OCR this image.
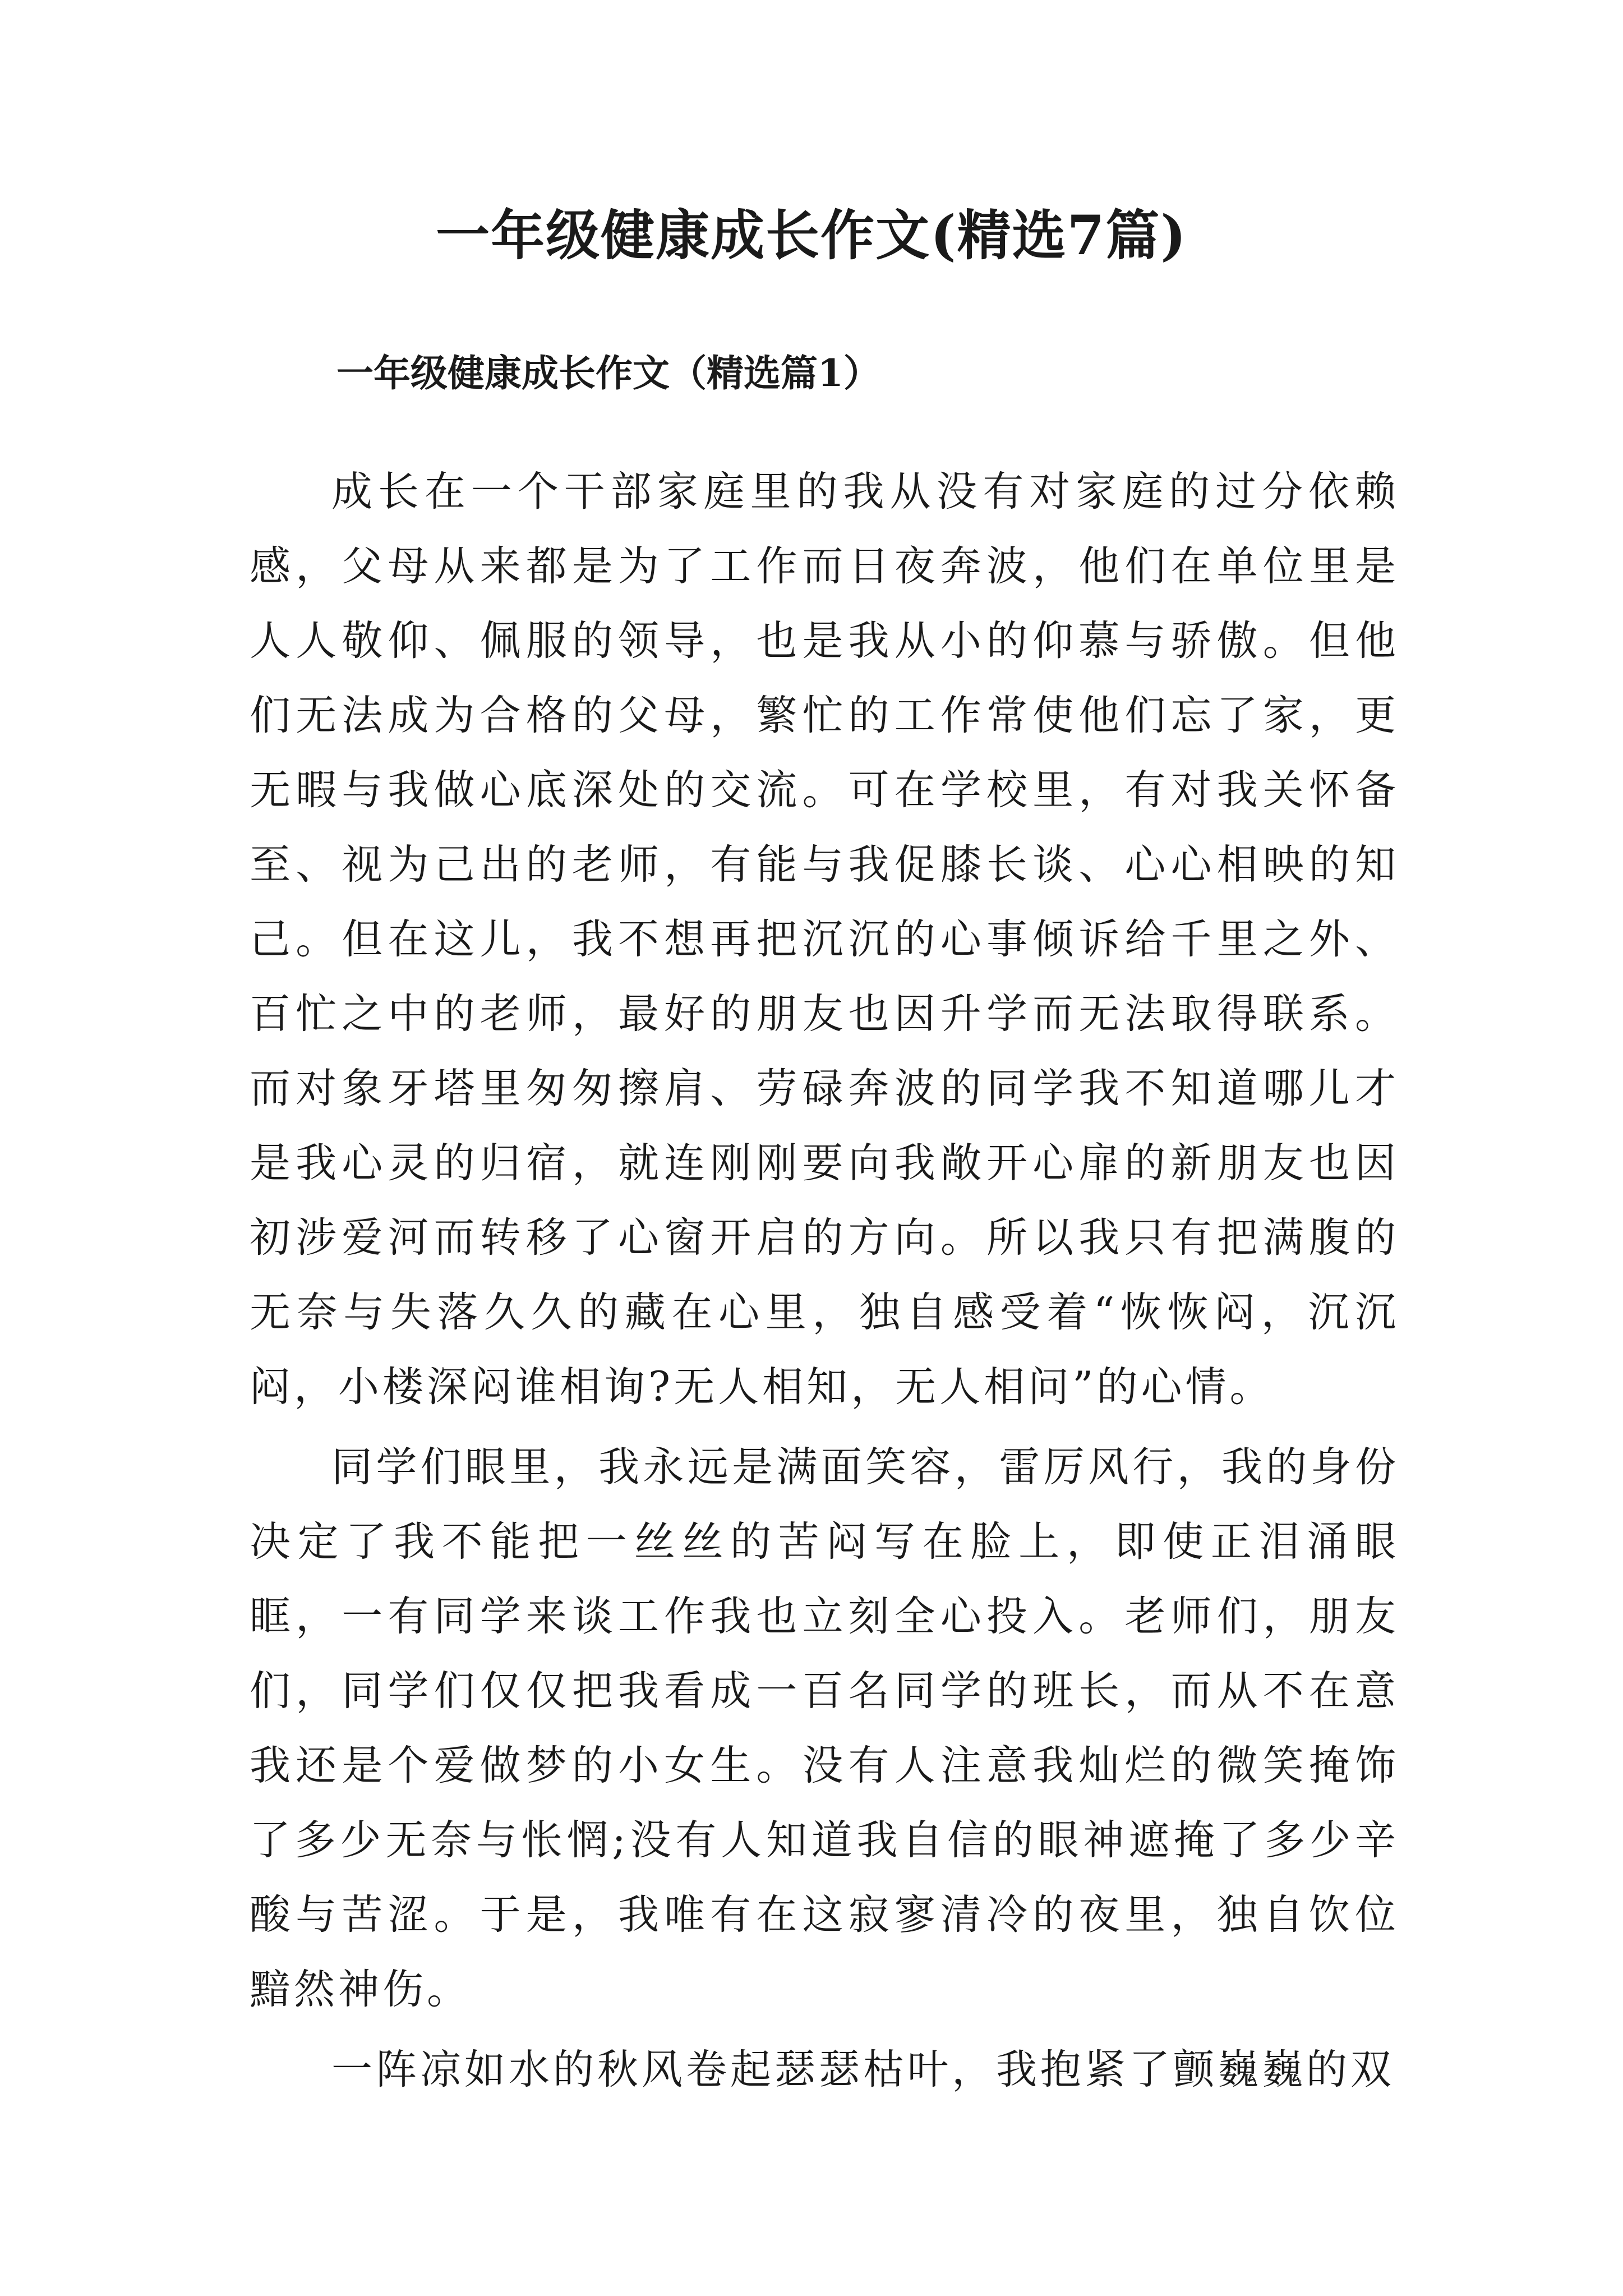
一年级健康成长作文(精选7篇)
一年级健康成长作文（精选篇1）

成长在一个干部家庭里的我从没有对家庭的过分依赖感，父母从来都是为了工作而日夜奔波，他们在单位里是人人敬仰、佩服的领导，也是我从小的仰慕与骄傲。但他们无法成为合格的父母，繁忙的工作常使他们忘了家，更无暇与我做心底深处的交流。可在学校里，有对我关怀备至、视为己出的老师，有能与我促膝长谈、心心相映的知己。但在这儿，我不想再把沉沉的心事倾诉给千里之外、百忙之中的老师，最好的朋友也因升学而无法取得联系。而对象牙塔里匆匆擦肩、劳碌奔波的同学我不知道哪儿才是我心灵的归宿，就连刚刚要向我敞开心扉的新朋友也因初涉爱河而转移了心窗开启的方向。所以我只有把满腹的无奈与失落久久的藏在心里，独自感受着“恢恢闷，沉沉闷，小楼深闷谁相询?无人相知，无人相问”的心情。

同学们眼里，我永远是满面笑容，雷厉风行，我的身份决定了我不能把一丝丝的苦闷写在脸上，即使正泪涌眼眶，一有同学来谈工作我也立刻全心投入。老师们，朋友们，同学们仅仅把我看成一百名同学的班长，而从不在意我还是个爱做梦的小女生。没有人注意我灿烂的微笑掩饰了多少无奈与怅惘;没有人知道我自信的眼神遮掩了多少辛酸与苦涩。于是，我唯有在这寂寥清冷的夜里，独自饮位黯然神伤。

一阵凉如水的秋风卷起瑟瑟枯叶，我抱紧了颤巍巍的双
